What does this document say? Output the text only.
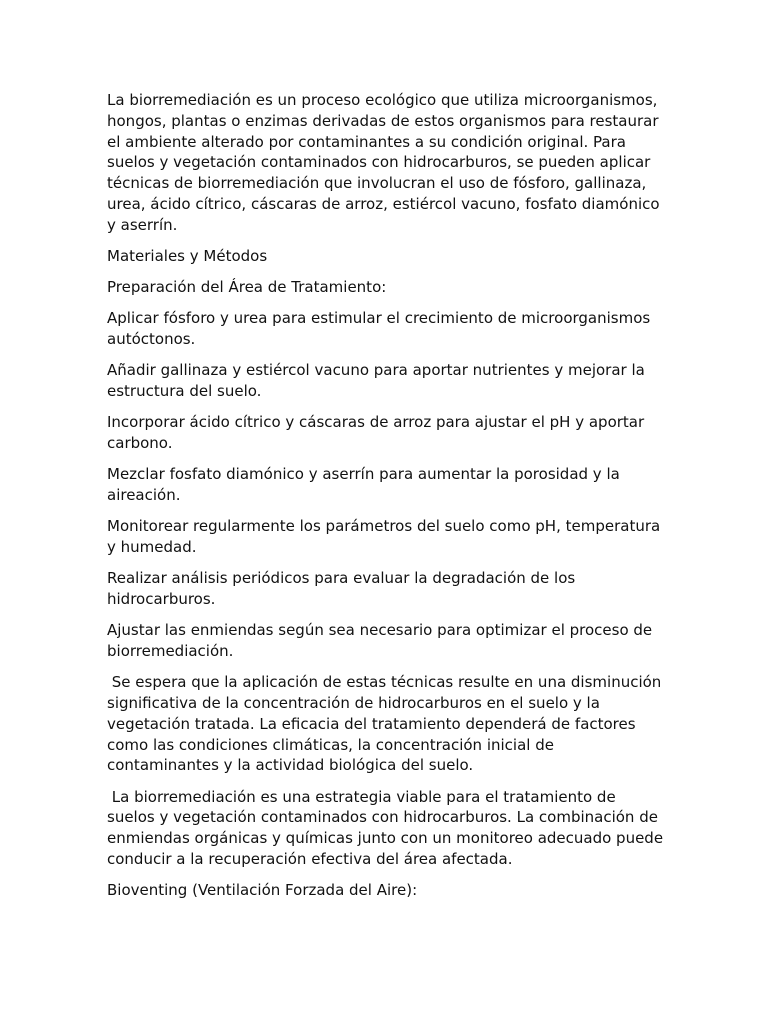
La biorremediación es un proceso ecológico que utiliza microorganismos, hongos, plantas o enzimas derivadas de estos organismos para restaurar el ambiente alterado por contaminantes a su condición original. Para suelos y vegetación contaminados con hidrocarburos, se pueden aplicar técnicas de biorremediación que involucran el uso de fósforo, gallinaza, urea, ácido cítrico, cáscaras de arroz, estiércol vacuno, fosfato diamónico y aserrín.

Materiales y Métodos

Preparación del Área de Tratamiento:

Aplicar fósforo y urea para estimular el crecimiento de microorganismos autóctonos.

Añadir gallinaza y estiércol vacuno para aportar nutrientes y mejorar la estructura del suelo.

Incorporar ácido cítrico y cáscaras de arroz para ajustar el pH y aportar carbono.

Mezclar fosfato diamónico y aserrín para aumentar la porosidad y la aireación.

Monitorear regularmente los parámetros del suelo como pH, temperatura y humedad.

Realizar análisis periódicos para evaluar la degradación de los hidrocarburos.

Ajustar las enmiendas según sea necesario para optimizar el proceso de biorremediación.

Se espera que la aplicación de estas técnicas resulte en una disminución significativa de la concentración de hidrocarburos en el suelo y la vegetación tratada. La eficacia del tratamiento dependerá de factores como las condiciones climáticas, la concentración inicial de contaminantes y la actividad biológica del suelo.

La biorremediación es una estrategia viable para el tratamiento de suelos y vegetación contaminados con hidrocarburos. La combinación de enmiendas orgánicas y químicas junto con un monitoreo adecuado puede conducir a la recuperación efectiva del área afectada.

Bioventing (Ventilación Forzada del Aire):
